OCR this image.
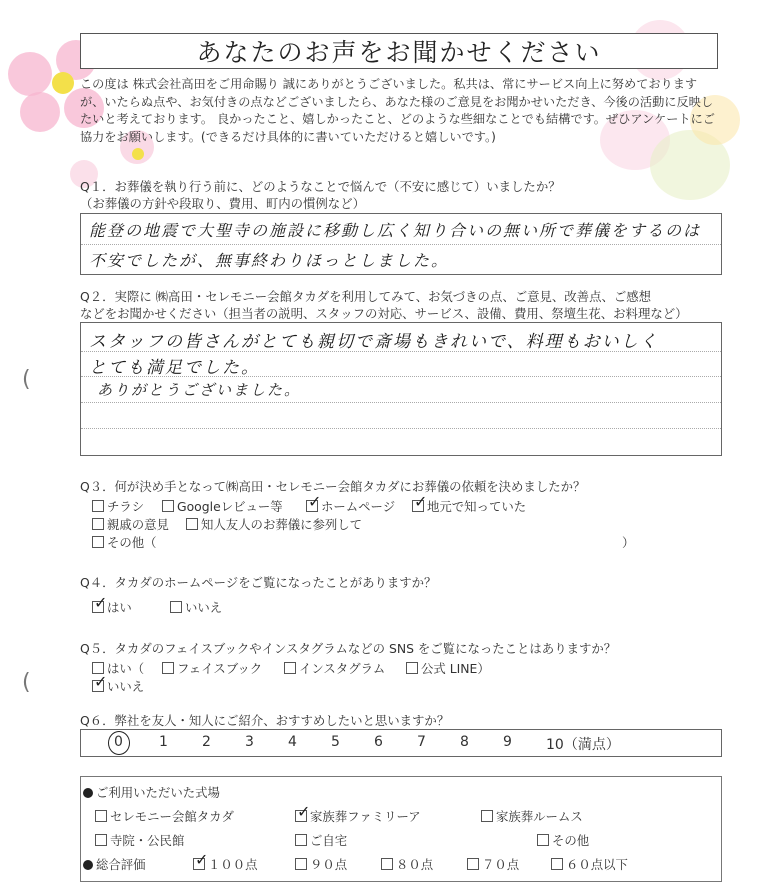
あなたのお声をお聞かせください
この度は 株式会社高田をご用命賜り 誠にありがとうございました。私共は、常にサービス向上に努めておりますが、いたらぬ点や、お気付きの点などございましたら、あなた様のご意見をお聞かせいただき、今後の活動に反映したいと考えております。 良かったこと、嬉しかったこと、どのような些細なことでも結構です。ぜひアンケートにご協力をお願いします。(できるだけ具体的に書いていただけると嬉しいです。)
Q１．お葬儀を執り行う前に、どのようなことで悩んで（不安に感じて）いましたか？
（お葬儀の方針や段取り、費用、町内の慣例など）
能登の地震で大聖寺の施設に移動し広く知り合いの無い所で葬儀をするのは
不安でしたが、無事終わりほっとしました。
Q２．実際に ㈱高田・セレモニー会館タカダを利用してみて、お気づきの点、ご意見、改善点、ご感想
などをお聞かせください（担当者の説明、スタッフの対応、サービス、設備、費用、祭壇生花、お料理など）
スタッフの皆さんがとても親切で斎場もきれいで、料理もおいしく
とても満足でした。
ありがとうございました。
(
(
Q３．何が決め手となって㈱高田・セレモニー会館タカダにお葬儀の依頼を決めましたか？
チラシ	Googleレビュー等 ✓	ホームページ ✓	地元で知っていた
親戚の意見	知人友人のお葬儀に参列して
その他（	）
Q４．タカダのホームページをご覧になったことがありますか？
✓はい	いいえ
Q５．タカダのフェイスブックやインスタグラムなどの SNS をご覧になったことはありますか？
はい（	フェイスブック	インスタグラム	公式 LINE）
✓いいえ
Q６．弊社を友人・知人にご紹介、おすすめしたいと思いますか？
0	1 2 3 4 5 6 7 8 9 10（満点）
ご利用いただいた式場
セレモニー会館タカダ ✓	家族葬ファミリーア	家族葬ルームス
寺院・公民館	ご自宅	その他
総合評価 ✓	１００点	９０点	８０点	７０点	６０点以下
